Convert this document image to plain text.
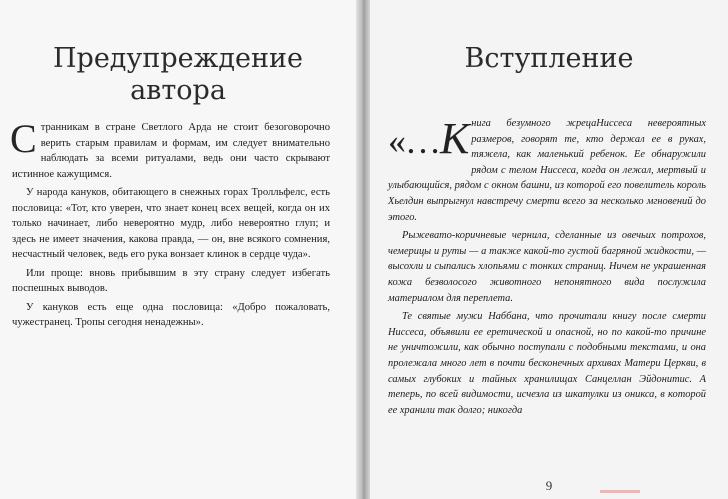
Предупреждение
автора

Странникам в стране Светлого Арда не стоит безоговорочно верить старым правилам и формам, им следует внимательно наблюдать за всеми ритуалами, ведь они часто скрывают истинное кажущимся.

У народа кануков, обитающего в снежных горах Тролльфелс, есть пословица: «Тот, кто уверен, что знает конец всех вещей, когда он их только начинает, либо невероятно мудр, либо невероятно глуп; и здесь не имеет значения, какова правда, — он, вне всякого сомнения, несчастный человек, ведь его рука вонзает клинок в сердце чуда».

Или проще: вновь прибывшим в эту страну следует избегать поспешных выводов.

У кануков есть еще одна пословица: «Добро пожаловать, чужестранец. Тропы сегодня ненадежны».

Вступление

«…К нига безумного жрецаНиссеса невероятных размеров, говорят те, кто держал ее в руках, тяжела, как маленький ребенок. Ее обнаружили рядом с телом Ниссеса, когда он лежал, мертвый и улыбающийся, рядом с окном башни, из которой его повелитель король Хьелдин выпрыгнул навстречу смерти всего за несколько мгновений до этого.

Рыжевато-коричневые чернила, сделанные из овечьих потрохов, чемерицы и руты — а также какой-то густой багряной жидкости, — высохли и сыпались хлопьями с тонких страниц. Ничем не украшенная кожа безволосого животного непонятного вида послужила материалом для переплета.

Те святые мужи Наббана, что прочитали книгу после смерти Ниссеса, объявили ее еретической и опасной, но по какой-то причине не уничтожили, как обычно поступали с подобными текстами, и она пролежала много лет в почти бесконечных архивах Матери Церкви, в самых глубоких и тайных хранилищах Санцеллан Эйдонитис. А теперь, по всей видимости, исчезла из шкатулки из оникса, в которой ее хранили так долго; никогда

9
